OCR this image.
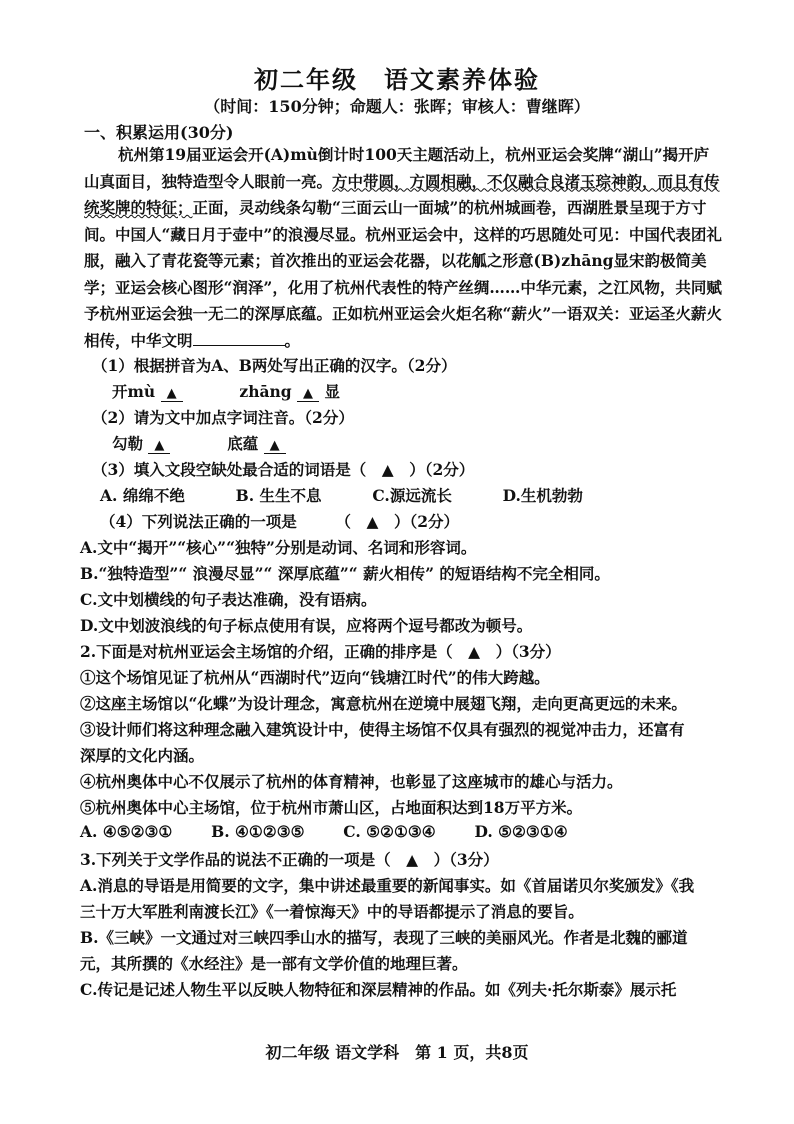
初二年级　语文素养体验
（时间：150分钟；命题人：张晖；审核人：曹继晖）
一、积累运用(30分)
杭州第19届亚运会开(A)mù倒计时100天主题活动上，杭州亚运会奖牌“湖山”揭开庐山真面目，独特造型令人眼前一亮。方中带圆，方圆相融，不仅融合良渚玉琮神韵，而且有传统奖牌的特征；正面，灵动线条勾勒“三面云山一面城”的杭州城画卷，西湖胜景呈现于方寸间。中国人“藏日月于壶中”的浪漫尽显。杭州亚运会中，这样的巧思随处可见：中国代表团礼服，融入了青花瓷等元素；首次推出的亚运会花器，以花觚之形意(B)zhāng显宋韵极简美学；亚运会核心图形“润泽”，化用了杭州代表性的特产丝绸……中华元素，之江风物，共同赋予杭州亚运会独一无二的深厚底蕴。正如杭州亚运会火炬名称“薪火”一语双关：亚运圣火薪火相传，中华文明	。
（1）根据拼音为A、B两处写出正确的汉字。（2分）
开mù ▲	zhāng ▲ 显
（2）请为文中加点字词注音。（2分）
勾勒 ▲	底蕴 ▲
（3）填入文段空缺处最合适的词语是（　▲　）（2分）
A. 绵绵不绝	B. 生生不息	C.源远流长	D.生机勃勃
（4）下列说法正确的一项是　　　（　▲　）（2分）
A.文中“揭开”“核心”“独特”分别是动词、名词和形容词。
B.“独特造型”“ 浪漫尽显”“ 深厚底蕴”“ 薪火相传” 的短语结构不完全相同。
C.文中划横线的句子表达准确，没有语病。
D.文中划波浪线的句子标点使用有误，应将两个逗号都改为顿号。
2.下面是对杭州亚运会主场馆的介绍，正确的排序是（　▲　）（3分）
①这个场馆见证了杭州从“西湖时代”迈向“钱塘江时代”的伟大跨越。
②这座主场馆以“化蝶”为设计理念，寓意杭州在逆境中展翅飞翔，走向更高更远的未来。
③设计师们将这种理念融入建筑设计中，使得主场馆不仅具有强烈的视觉冲击力，还富有
深厚的文化内涵。
④杭州奥体中心不仅展示了杭州的体育精神，也彰显了这座城市的雄心与活力。
⑤杭州奥体中心主场馆，位于杭州市萧山区，占地面积达到18万平方米。
A. ④⑤②③①	B. ④①②③⑤	C. ⑤②①③④	D. ⑤②③①④
3.下列关于文学作品的说法不正确的一项是（　▲　）（3分）
A.消息的导语是用简要的文字，集中讲述最重要的新闻事实。如《首届诺贝尔奖颁发》《我
三十万大军胜利南渡长江》《一着惊海天》中的导语都提示了消息的要旨。
B.《三峡》一文通过对三峡四季山水的描写，表现了三峡的美丽风光。作者是北魏的郦道
元，其所撰的《水经注》是一部有文学价值的地理巨著。
C.传记是记述人物生平以反映人物特征和深层精神的作品。如《列夫·托尔斯泰》展示托
初二年级 语文学科　第 1 页，共8页
